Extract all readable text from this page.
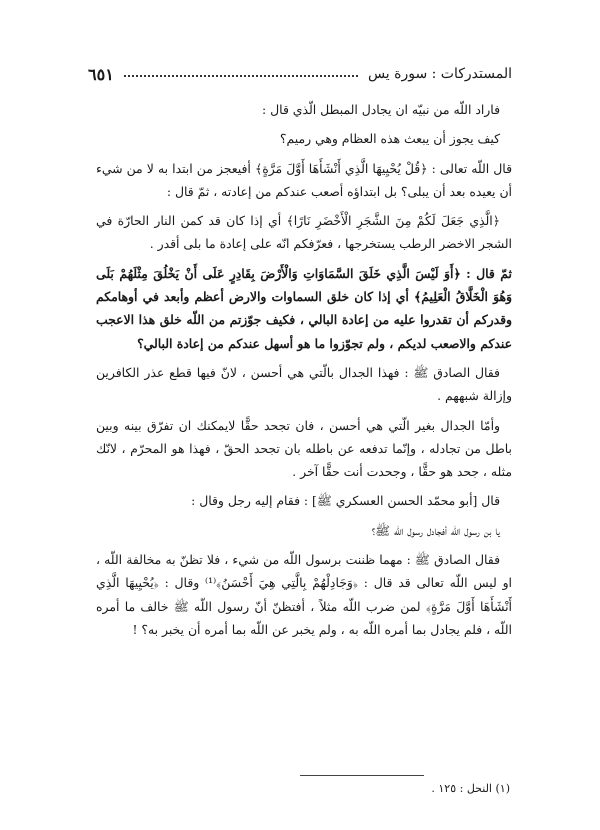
المستدركات : سورة يس
٦٥١

فاراد اللّه من نبيّه ان يجادل المبطل الّذي قال :

كيف يجوز أن يبعث هذه العظام وهي رميم؟

قال اللّه تعالى : ﴿قُلْ يُحْيِيهَا الَّذِي أَنْشَأَهَا أَوَّلَ مَرَّةٍ﴾ أفيعجز من ابتدا به لا من شيء أن يعيده بعد أن يبلى؟ بل ابتداؤه أصعب عندكم من إعادته ، ثمّ قال :

﴿الَّذِي جَعَلَ لَكُمْ مِنَ الشَّجَرِ الْأَخْضَرِ نَارًا﴾ أي إذا كان قد كمن النار الحارّة في الشجر الاخضر الرطب يستخرجها ، فعرّفكم انّه على إعادة ما بلى أقدر .

ثمّ قال : ﴿أَوَ لَيْسَ الَّذِي خَلَقَ السَّمَاوَاتِ وَالْأَرْضَ بِقَادِرٍ عَلَى أَنْ يَخْلُقَ مِثْلَهُمْ بَلَى وَهُوَ الْخَلَّاقُ الْعَلِيمُ﴾ أي إذا كان خلق السماوات والارض أعظم وأبعد في أوهامكم وقدركم أن تقدروا عليه من إعادة البالي ، فكيف جوّزتم من اللّه خلق هذا الاعجب عندكم والاصعب لديكم ، ولم تجوّزوا ما هو أسهل عندكم من إعادة البالي؟

فقال الصادق ﷺ : فهذا الجدال بالّتي هي أحسن ، لانّ فيها قطع عذر الكافرين وإزالة شبههم .

وأمّا الجدال بغير الّتي هي أحسن ، فان تجحد حقًّا لايمكنك ان تفرّق بينه وبين باطل من تجادله ، وإنّما تدفعه عن باطله بان تجحد الحقّ ، فهذا هو المحرّم ، لانّك مثله ، جحد هو حقًّا ، وجحدت أنت حقًّا آخر .

قال [أبو محمّد الحسن العسكري ﷺ] : فقام إليه رجل وقال :

يا بن رسول اللّه أفجادل رسول اللّه ﷺ؟

فقال الصادق ﷺ : مهما ظننت برسول اللّه من شيء ، فلا تظنّ به مخالفة اللّه ، او ليس اللّه تعالى قد قال : ﴿وَجَادِلْهُمْ بِالَّتِي هِيَ أَحْسَنُ﴾⁽¹⁾ وقال : ﴿يُحْيِيهَا الَّذِي أَنْشَأَهَا أَوَّلَ مَرَّةٍ﴾ لمن ضرب اللّه مثلاً ، أفتظنّ أنّ رسول اللّه ﷺ خالف ما أمره اللّه ، فلم يجادل بما أمره اللّه به ، ولم يخبر عن اللّه بما أمره أن يخبر به؟ !

(١) النحل : ١٢٥ .
